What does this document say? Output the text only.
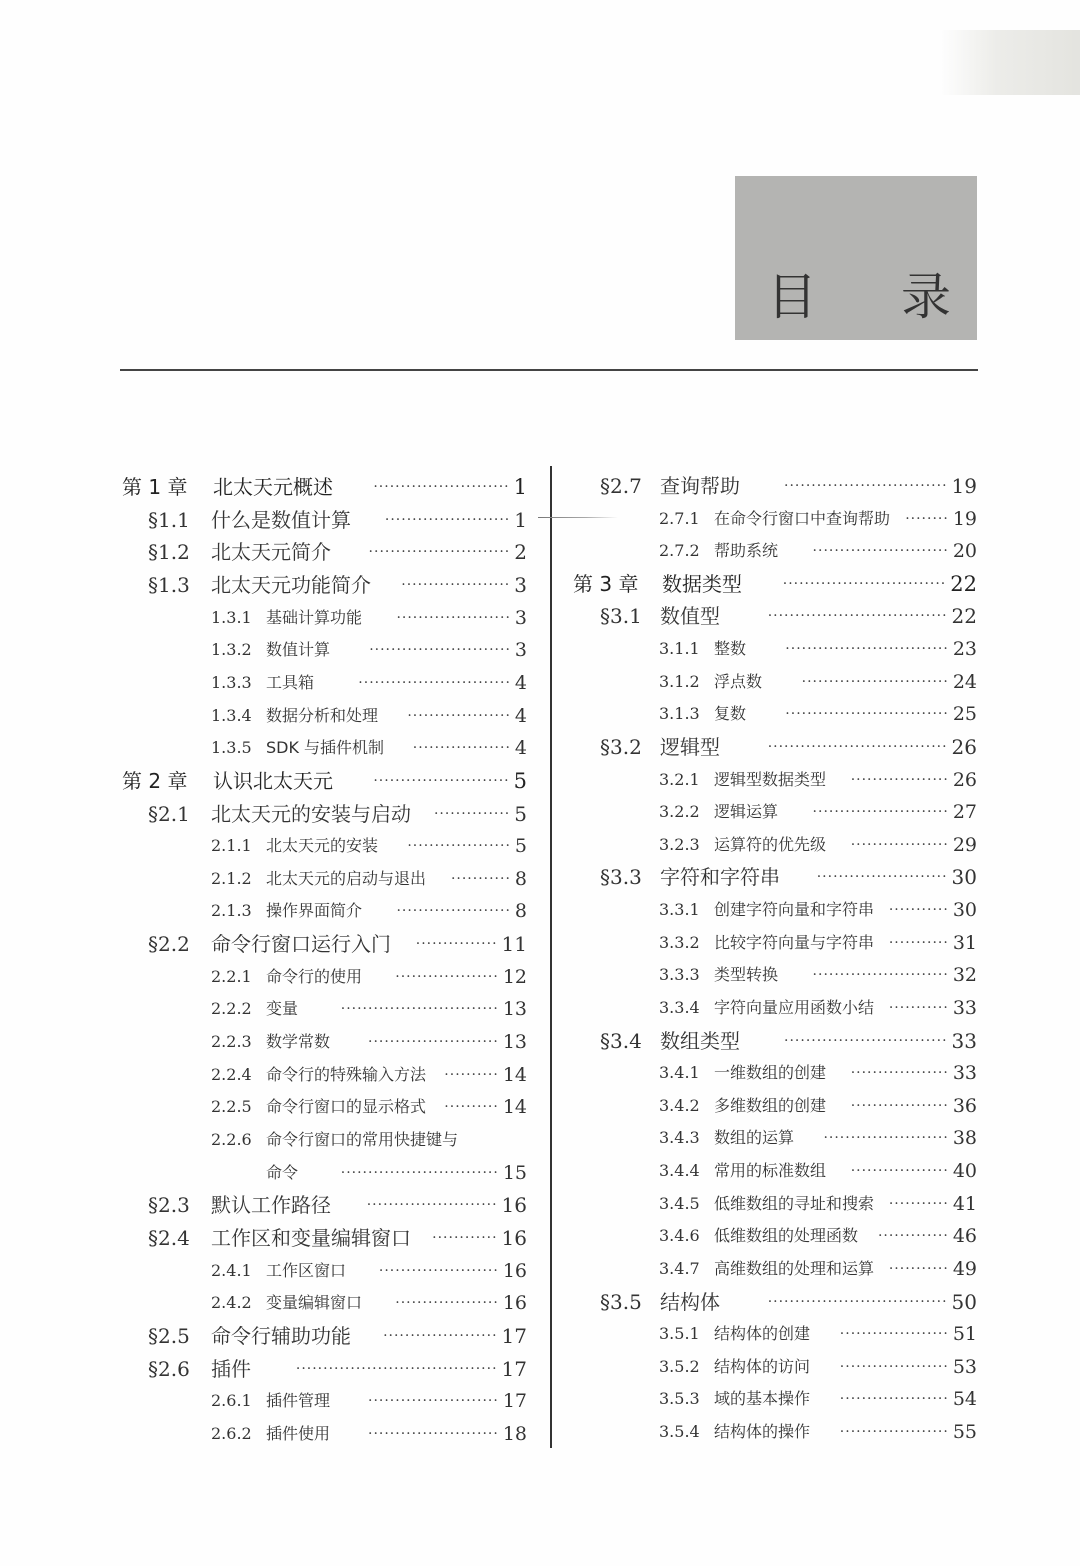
目 录
第 1 章 北太天元概述	1
·························
§1.1 什么是数值计算	1
·······················
§1.2 北太天元简介	2
··························
§1.3 北太天元功能简介	3
····················
1.3.1 基础计算功能	3
·····················
1.3.2 数值计算	3
··························
1.3.3 工具箱	4
····························
1.3.4 数据分析和处理	4
···················
1.3.5 SDK 与插件机制	4
··················
第 2 章 认识北太天元	5
·························
§2.1 北太天元的安装与启动	5
··············
2.1.1 北太天元的安装	5
···················
2.1.2 北太天元的启动与退出	8
···········
2.1.3 操作界面简介	8
·····················
§2.2 命令行窗口运行入门	11
···············
2.2.1 命令行的使用	12
···················
2.2.2 变量	13
·····························
2.2.3 数学常数	13
························
2.2.4 命令行的特殊输入方法	14
··········
2.2.5 命令行窗口的显示格式	14
··········
2.2.6 命令行窗口的常用快捷键与
命令	15
·····························
§2.3 默认工作路径	16
························
§2.4 工作区和变量编辑窗口	16
············
2.4.1 工作区窗口	16
······················
2.4.2 变量编辑窗口	16
···················
§2.5 命令行辅助功能	17
·····················
§2.6 插件	17
·····································
2.6.1 插件管理	17
························
2.6.2 插件使用	18
························
§2.7 查询帮助	19
······························
2.7.1 在命令行窗口中查询帮助	19
········
2.7.2 帮助系统	20
·························
第 3 章 数据类型	22
······························
§3.1 数值型	22
·································
3.1.1 整数	23
······························
3.1.2 浮点数	24
···························
3.1.3 复数	25
······························
§3.2 逻辑型	26
·································
3.2.1 逻辑型数据类型	26
··················
3.2.2 逻辑运算	27
·························
3.2.3 运算符的优先级	29
··················
§3.3 字符和字符串	30
························
3.3.1 创建字符向量和字符串	30
···········
3.3.2 比较字符向量与字符串	31
···········
3.3.3 类型转换	32
·························
3.3.4 字符向量应用函数小结	33
···········
§3.4 数组类型	33
······························
3.4.1 一维数组的创建	33
··················
3.4.2 多维数组的创建	36
··················
3.4.3 数组的运算	38
·······················
3.4.4 常用的标准数组	40
··················
3.4.5 低维数组的寻址和搜索	41
···········
3.4.6 低维数组的处理函数	46
·············
3.4.7 高维数组的处理和运算	49
···········
§3.5 结构体	50
·································
3.5.1 结构体的创建	51
····················
3.5.2 结构体的访问	53
····················
3.5.3 域的基本操作	54
····················
3.5.4 结构体的操作	55
····················
